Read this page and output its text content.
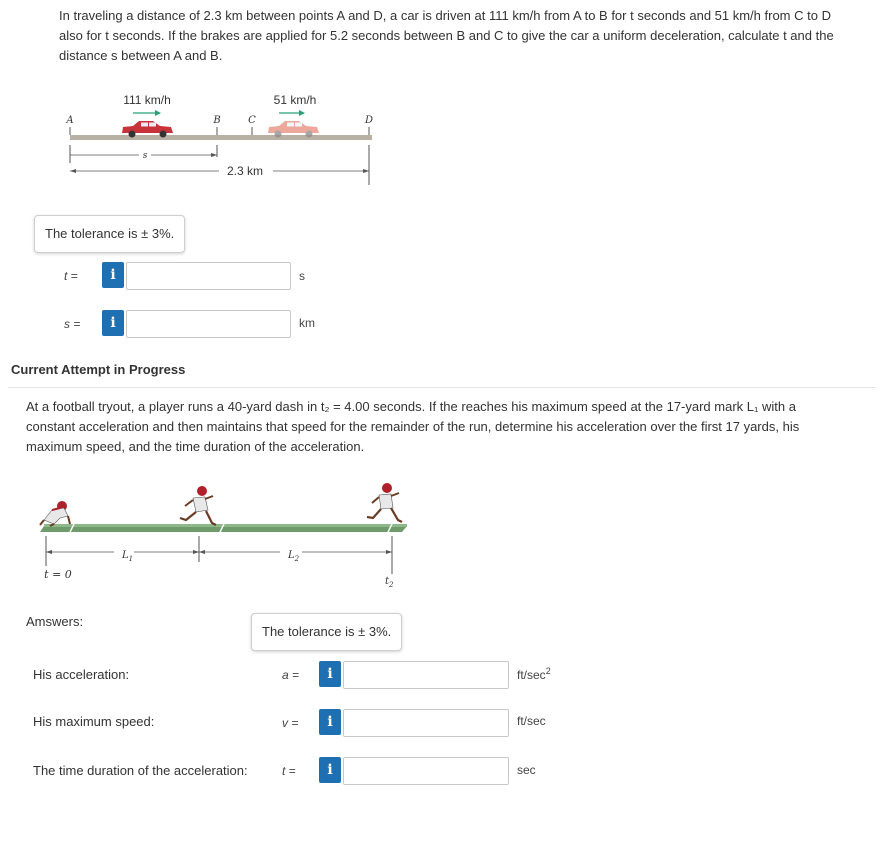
In traveling a distance of 2.3 km between points A and D, a car is driven at 111 km/h from A to B for t seconds and 51 km/h from C to D
also for t seconds. If the brakes are applied for 5.2 seconds between B and C to give the car a uniform deceleration, calculate t and the
distance s between A and B.
111 km/h	51 km/h
A	B	C	D
s
2.3 km
The tolerance is ± 3%.
t =	i	s
s =	i	km
Current Attempt in Progress
At a football tryout, a player runs a 40-yard dash in t₂ = 4.00 seconds. If the reaches his maximum speed at the 17-yard mark L₁ with a
constant acceleration and then maintains that speed for the remainder of the run, determine his acceleration over the first 17 yards, his
maximum speed, and the time duration of the acceleration.
$L_1$	$L_2$
t = 0
$t_2$
Amswers:
The tolerance is ± 3%.
His acceleration:	a =	i	$ft/\sec^2$
His maximum speed:	v =	i	ft/sec
The time duration of the acceleration:	t =	i	sec
